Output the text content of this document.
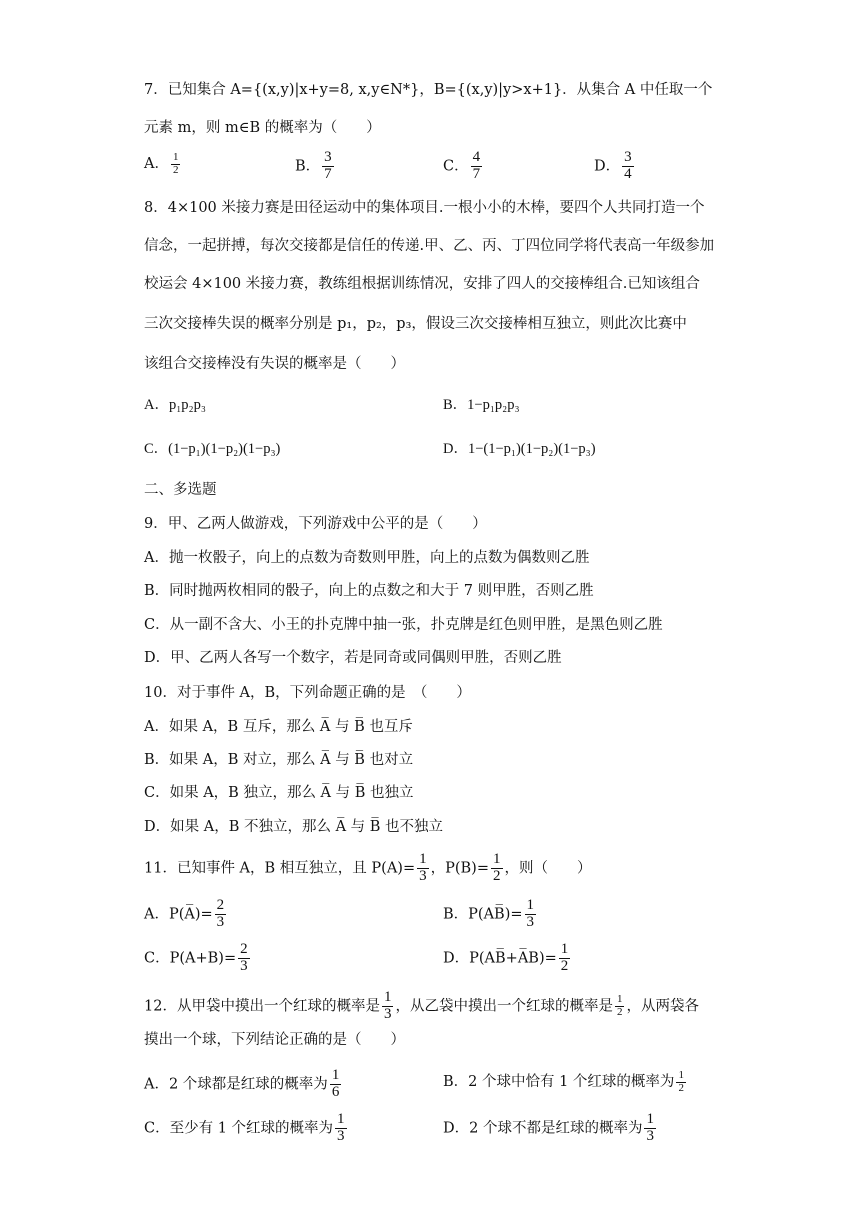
7．已知集合 A={(x,y)|x+y=8, x,y∈N*}，B={(x,y)|y>x+1}．从集合 A 中任取一个
元素 m，则 m∈B 的概率为（　　）
A． $\frac{1}{2}$	B． $\frac{3}{7}$	C． $\frac{4}{7}$	D． $\frac{3}{4}$
8．4×100 米接力赛是田径运动中的集体项目.一根小小的木棒，要四个人共同打造一个
信念，一起拼搏，每次交接都是信任的传递.甲、乙、丙、丁四位同学将代表高一年级参加
校运会 4×100 米接力赛，教练组根据训练情况，安排了四人的交接棒组合.已知该组合
三次交接棒失误的概率分别是 p₁，p₂，p₃，假设三次交接棒相互独立，则此次比赛中
该组合交接棒没有失误的概率是（　　）
A．p₁p₂p₃	B．1−p₁p₂p₃
C．(1−p₁)(1−p₂)(1−p₃)	D．1−(1−p₁)(1−p₂)(1−p₃)
二、多选题
9．甲、乙两人做游戏，下列游戏中公平的是（　　）
A．抛一枚骰子，向上的点数为奇数则甲胜，向上的点数为偶数则乙胜
B．同时抛两枚相同的骰子，向上的点数之和大于 7 则甲胜，否则乙胜
C．从一副不含大、小王的扑克牌中抽一张，扑克牌是红色则甲胜，是黑色则乙胜
D．甲、乙两人各写一个数字，若是同奇或同偶则甲胜，否则乙胜
10．对于事件 A，B，下列命题正确的是　（　　）
A．如果 A，B 互斥，那么 A̅ 与 B̅ 也互斥
B．如果 A，B 对立，那么 A̅ 与 B̅ 也对立
C．如果 A，B 独立，那么 A̅ 与 B̅ 也独立
D．如果 A，B 不独立，那么 A̅ 与 B̅ 也不独立
11．已知事件 A，B 相互独立，且 $P(A)= \frac{1}{3}$ ，$P(B)= \frac{1}{2}$ ，则（　　）
A．P(A̅)= $\frac{2}{3}$	B．P(AB̅)= $\frac{1}{3}$
C．$P(A+B)= \frac{2}{3}$	D．P(AB̅+A̅B)= $\frac{1}{2}$
12．从甲袋中摸出一个红球的概率是 $\frac{1}{3}$ ，从乙袋中摸出一个红球的概率是 $\frac{1}{2}$ ，从两袋各
摸出一个球，下列结论正确的是（　　）
A．2 个球都是红球的概率为 $\frac{1}{6}$	B．2 个球中恰有 1 个红球的概率为 $\frac{1}{2}$
C．至少有 1 个红球的概率为 $\frac{1}{3}$	D．2 个球不都是红球的概率为 $\frac{1}{3}$
